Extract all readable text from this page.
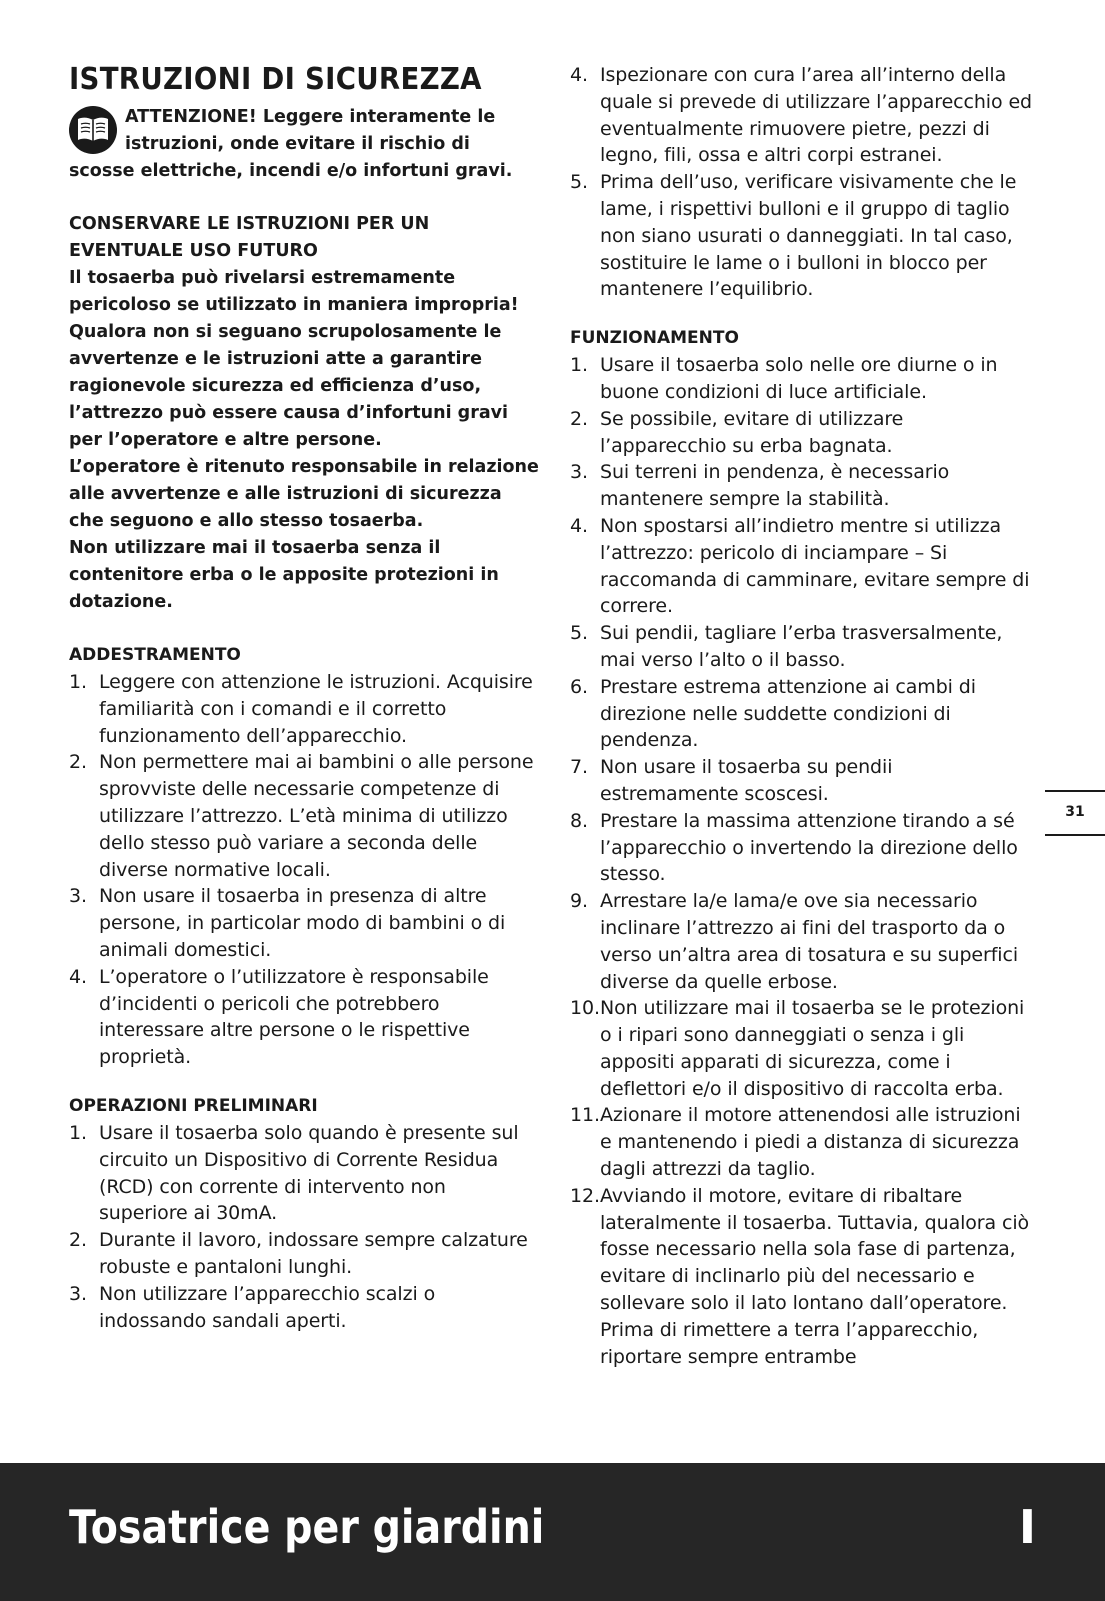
ISTRUZIONI DI SICUREZZA
ATTENZIONE! Leggere interamente le istruzioni, onde evitare il rischio di scosse elettriche, incendi e/o infortuni gravi.

CONSERVARE LE ISTRUZIONI PER UN EVENTUALE USO FUTURO

Il tosaerba può rivelarsi estremamente pericoloso se utilizzato in maniera impropria! Qualora non si seguano scrupolosamente le avvertenze e le istruzioni atte a garantire ragionevole sicurezza ed efficienza d’uso, l’attrezzo può essere causa d’infortuni gravi per l’operatore e altre persone.

L’operatore è ritenuto responsabile in relazione alle avvertenze e alle istruzioni di sicurezza che seguono e allo stesso tosaerba.

Non utilizzare mai il tosaerba senza il contenitore erba o le apposite protezioni in dotazione.

ADDESTRAMENTO

1. Leggere con attenzione le istruzioni. Acquisire familiarità con i comandi e il corretto funzionamento dell’apparecchio.
2. Non permettere mai ai bambini o alle persone sprovviste delle necessarie competenze di utilizzare l’attrezzo. L’età minima di utilizzo dello stesso può variare a seconda delle diverse normative locali.
3. Non usare il tosaerba in presenza di altre persone, in particolar modo di bambini o di animali domestici.
4. L’operatore o l’utilizzatore è responsabile d’incidenti o pericoli che potrebbero interessare altre persone o le rispettive proprietà.

OPERAZIONI PRELIMINARI

1. Usare il tosaerba solo quando è presente sul circuito un Dispositivo di Corrente Residua (RCD) con corrente di intervento non superiore ai 30mA.
2. Durante il lavoro, indossare sempre calzature robuste e pantaloni lunghi.
3. Non utilizzare l’apparecchio scalzi o indossando sandali aperti.
4. Ispezionare con cura l’area all’interno della quale si prevede di utilizzare l’apparecchio ed eventualmente rimuovere pietre, pezzi di legno, fili, ossa e altri corpi estranei.
5. Prima dell’uso, verificare visivamente che le lame, i rispettivi bulloni e il gruppo di taglio non siano usurati o danneggiati. In tal caso, sostituire le lame o i bulloni in blocco per mantenere l’equilibrio.

FUNZIONAMENTO

1. Usare il tosaerba solo nelle ore diurne o in buone condizioni di luce artificiale.
2. Se possibile, evitare di utilizzare l’apparecchio su erba bagnata.
3. Sui terreni in pendenza, è necessario mantenere sempre la stabilità.
4. Non spostarsi all’indietro mentre si utilizza l’attrezzo: pericolo di inciampare – Si raccomanda di camminare, evitare sempre di correre.
5. Sui pendii, tagliare l’erba trasversalmente, mai verso l’alto o il basso.
6. Prestare estrema attenzione ai cambi di direzione nelle suddette condizioni di pendenza.
7. Non usare il tosaerba su pendii estremamente scoscesi.
8. Prestare la massima attenzione tirando a sé l’apparecchio o invertendo la direzione dello stesso.
9. Arrestare la/e lama/e ove sia necessario inclinare l’attrezzo ai fini del trasporto da o verso un’altra area di tosatura e su superfici diverse da quelle erbose.
10. Non utilizzare mai il tosaerba se le protezioni o i ripari sono danneggiati o senza i gli appositi apparati di sicurezza, come i deflettori e/o il dispositivo di raccolta erba.
11. Azionare il motore attenendosi alle istruzioni e mantenendo i piedi a distanza di sicurezza dagli attrezzi da taglio.
12. Avviando il motore, evitare di ribaltare lateralmente il tosaerba. Tuttavia, qualora ciò fosse necessario nella sola fase di partenza, evitare di inclinarlo più del necessario e sollevare solo il lato lontano dall’operatore. Prima di rimettere a terra l’apparecchio, riportare sempre entrambe
31
Tosatrice per giardini	I
